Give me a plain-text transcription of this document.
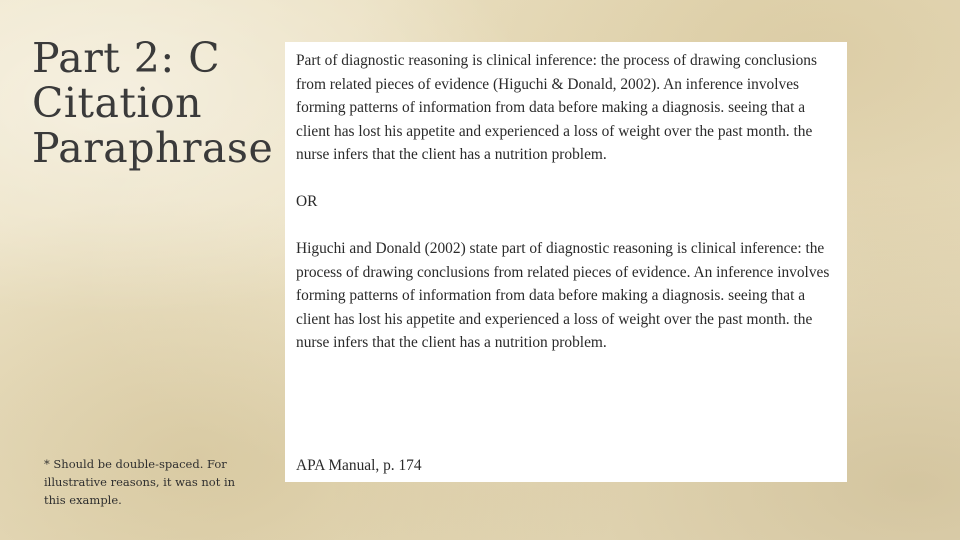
Part 2: C
Citation
Paraphrase

Part of diagnostic reasoning is clinical inference: the process of drawing conclusions from related pieces of evidence (Higuchi & Donald, 2002). An inference involves forming patterns of information from data before making a diagnosis. seeing that a client has lost his appetite and experienced a loss of weight over the past month. the nurse infers that the client has a nutrition problem.

OR

Higuchi and Donald (2002) state part of diagnostic reasoning is clinical inference: the process of drawing conclusions from related pieces of evidence. An inference involves forming patterns of information from data before making a diagnosis. seeing that a client has lost his appetite and experienced a loss of weight over the past month. the nurse infers that the client has a nutrition problem.

APA Manual, p. 174

* Should be double-spaced. For illustrative reasons, it was not in this example.
